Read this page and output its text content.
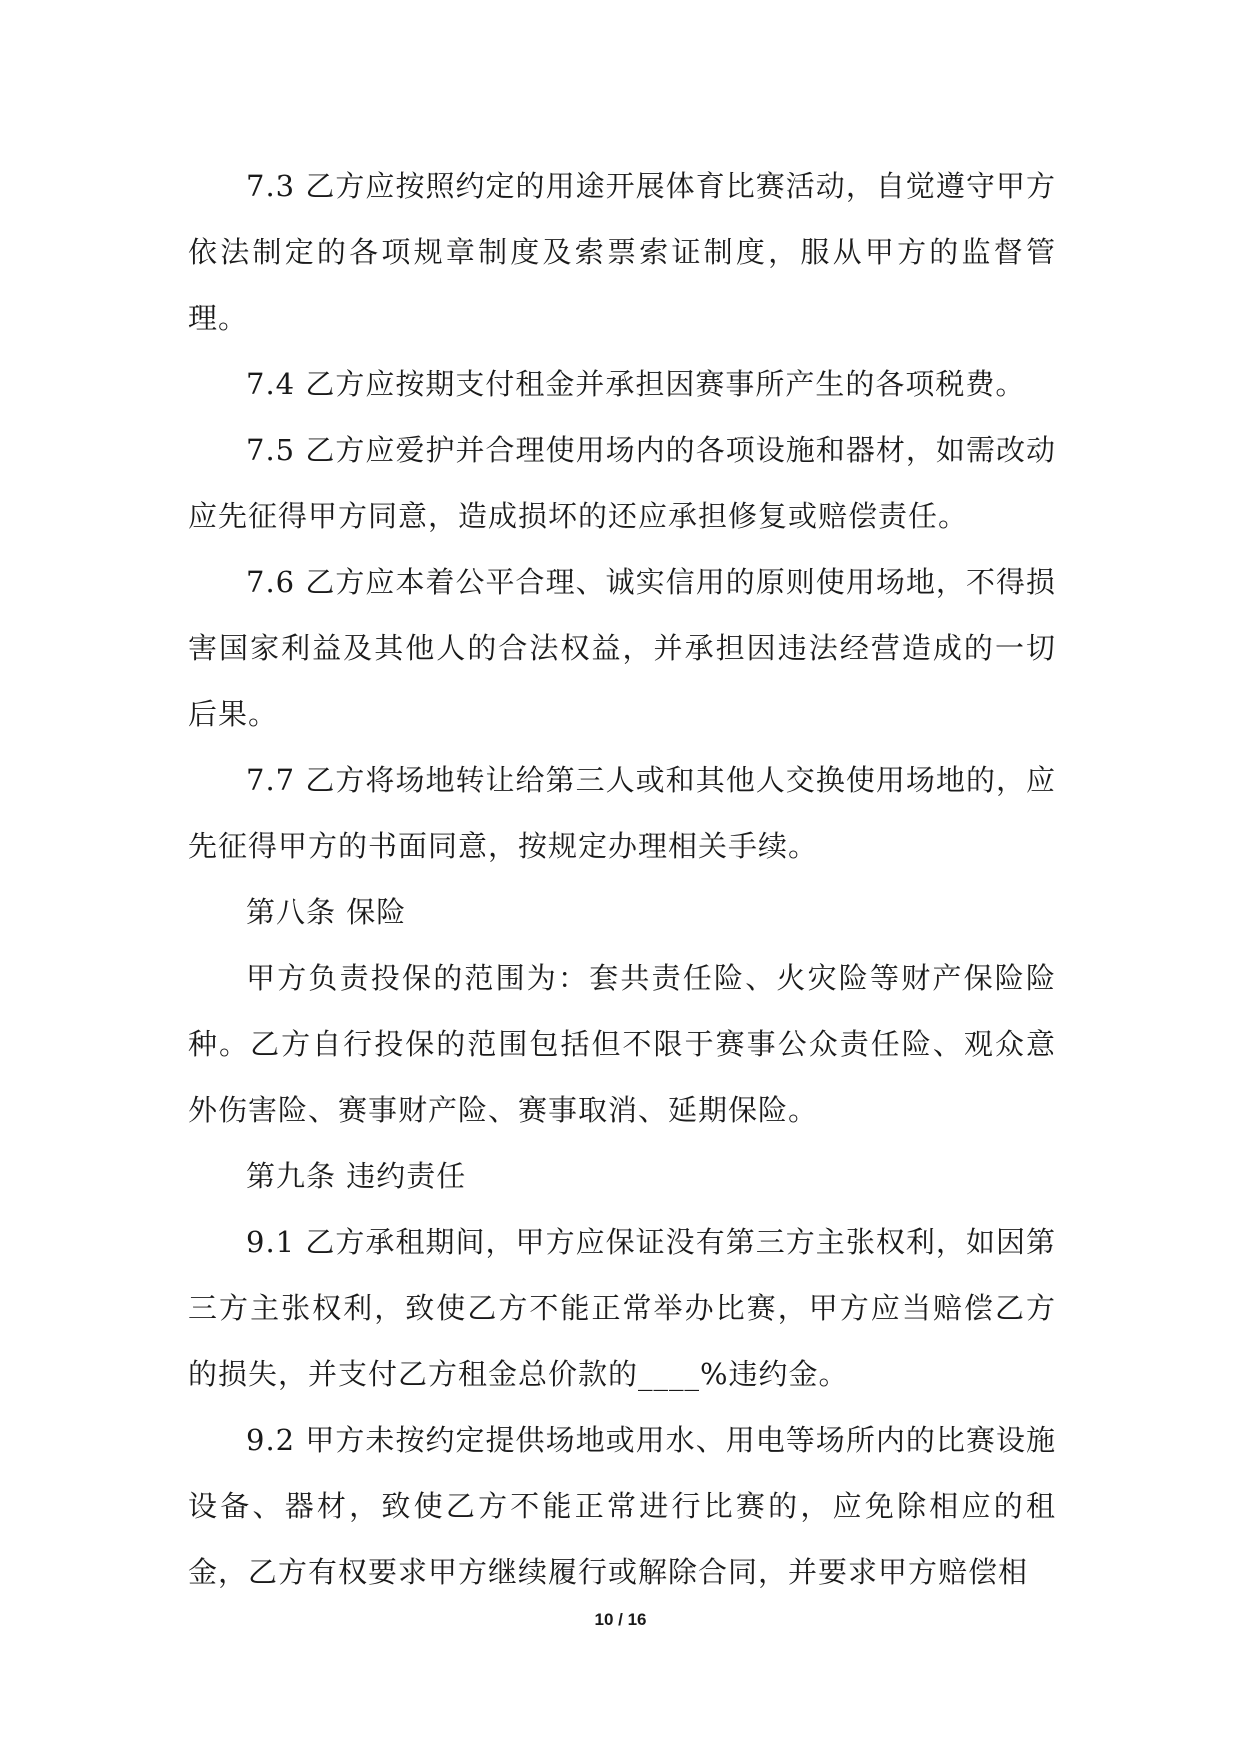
7.3 乙方应按照约定的用途开展体育比赛活动，自觉遵守甲方依法制定的各项规章制度及索票索证制度，服从甲方的监督管理。

7.4 乙方应按期支付租金并承担因赛事所产生的各项税费。

7.5 乙方应爱护并合理使用场内的各项设施和器材，如需改动应先征得甲方同意，造成损坏的还应承担修复或赔偿责任。

7.6 乙方应本着公平合理、诚实信用的原则使用场地，不得损害国家利益及其他人的合法权益，并承担因违法经营造成的一切后果。

7.7 乙方将场地转让给第三人或和其他人交换使用场地的，应先征得甲方的书面同意，按规定办理相关手续。

第八条 保险

甲方负责投保的范围为：套共责任险、火灾险等财产保险险种。乙方自行投保的范围包括但不限于赛事公众责任险、观众意外伤害险、赛事财产险、赛事取消、延期保险。

第九条 违约责任

9.1 乙方承租期间，甲方应保证没有第三方主张权利，如因第三方主张权利，致使乙方不能正常举办比赛，甲方应当赔偿乙方的损失，并支付乙方租金总价款的____%违约金。

9.2 甲方未按约定提供场地或用水、用电等场所内的比赛设施设备、器材，致使乙方不能正常进行比赛的，应免除相应的租金，乙方有权要求甲方继续履行或解除合同，并要求甲方赔偿相

10 / 16
